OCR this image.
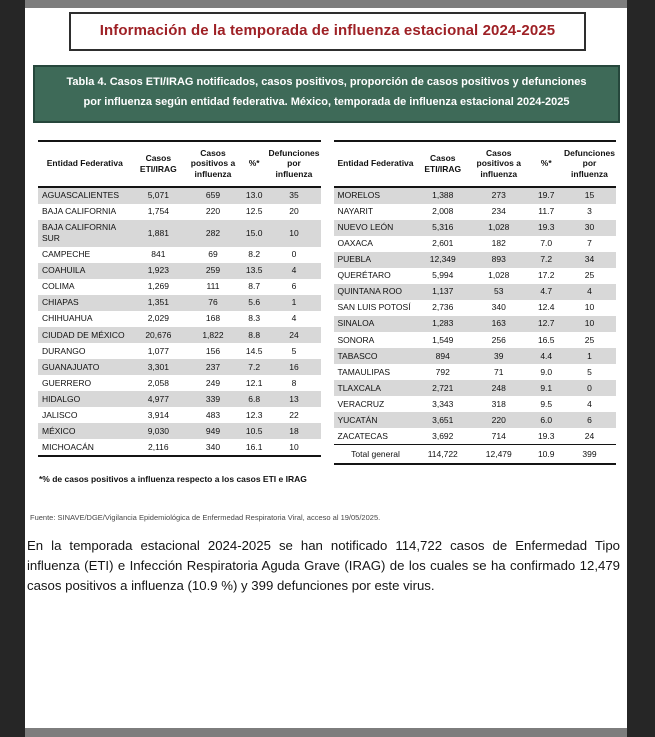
Información de la temporada de influenza estacional 2024-2025
Tabla 4. Casos ETI/IRAG notificados, casos positivos, proporción de casos positivos y defunciones
por influenza según entidad federativa. México, temporada de influenza estacional 2024-2025
Entidad Federativa	Casos ETI/IRAG	Casos positivos a influenza	%*	Defunciones por influenza
AGUASCALIENTES	5,071	659	13.0	35
BAJA CALIFORNIA	1,754	220	12.5	20
BAJA CALIFORNIA SUR	1,881	282	15.0	10
CAMPECHE	841	69	8.2	0
COAHUILA	1,923	259	13.5	4
COLIMA	1,269	111	8.7	6
CHIAPAS	1,351	76	5.6	1
CHIHUAHUA	2,029	168	8.3	4
CIUDAD DE MÉXICO	20,676	1,822	8.8	24
DURANGO	1,077	156	14.5	5
GUANAJUATO	3,301	237	7.2	16
GUERRERO	2,058	249	12.1	8
HIDALGO	4,977	339	6.8	13
JALISCO	3,914	483	12.3	22
MÉXICO	9,030	949	10.5	18
MICHOACÁN	2,116	340	16.1	10
Entidad Federativa	Casos ETI/IRAG	Casos positivos a influenza	%*	Defunciones por influenza
MORELOS	1,388	273	19.7	15
NAYARIT	2,008	234	11.7	3
NUEVO LEÓN	5,316	1,028	19.3	30
OAXACA	2,601	182	7.0	7
PUEBLA	12,349	893	7.2	34
QUERÉTARO	5,994	1,028	17.2	25
QUINTANA ROO	1,137	53	4.7	4
SAN LUIS POTOSÍ	2,736	340	12.4	10
SINALOA	1,283	163	12.7	10
SONORA	1,549	256	16.5	25
TABASCO	894	39	4.4	1
TAMAULIPAS	792	71	9.0	5
TLAXCALA	2,721	248	9.1	0
VERACRUZ	3,343	318	9.5	4
YUCATÁN	3,651	220	6.0	6
ZACATECAS	3,692	714	19.3	24
Total general	114,722	12,479	10.9	399

*% de casos positivos a influenza respecto a los casos ETI e IRAG

Fuente: SINAVE/DGE/Vigilancia Epidemiológica de Enfermedad Respiratoria Viral, acceso al 19/05/2025.

En la temporada estacional 2024-2025 se han notificado 114,722 casos de Enfermedad Tipo influenza (ETI) e Infección Respiratoria Aguda Grave (IRAG) de los cuales se ha confirmado 12,479 casos positivos a influenza (10.9 %) y 399 defunciones por este virus.
